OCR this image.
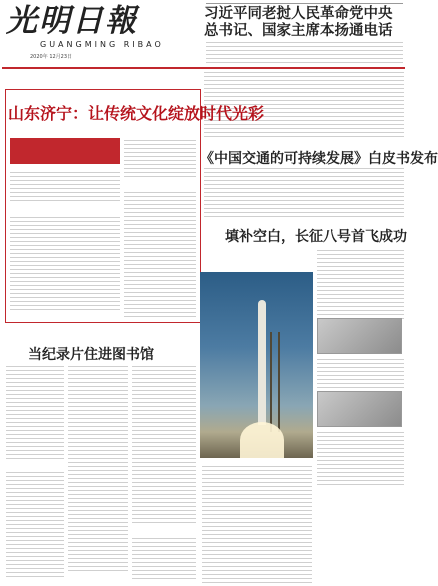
光明日報
GUANGMING RIBAO
习近平同老挝人民革命党中央总书记、国家主席本扬通电话
2020年 12月23日
山东济宁：让传统文化绽放时代光彩
《中国交通的可持续发展》白皮书发布
填补空白，长征八号首飞成功
当纪录片住进图书馆
